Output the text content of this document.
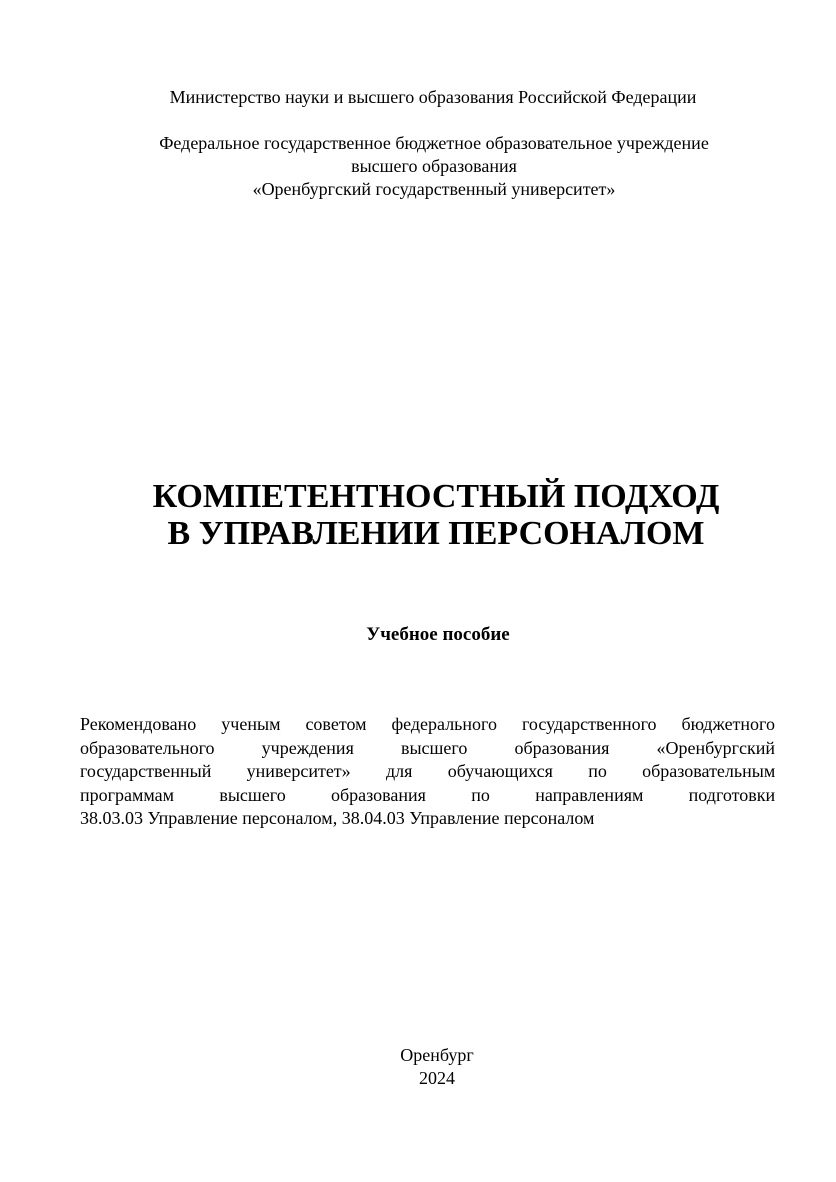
Министерство науки и высшего образования Российской Федерации
Федеральное государственное бюджетное образовательное учреждение
высшего образования
«Оренбургский государственный университет»
КОМПЕТЕНТНОСТНЫЙ ПОДХОД
В УПРАВЛЕНИИ ПЕРСОНАЛОМ
Учебное пособие
Рекомендовано ученым советом федерального государственного бюджетного
образовательного учреждения высшего образования «Оренбургский
государственный университет» для обучающихся по образовательным
программам высшего образования по направлениям подготовки
38.03.03 Управление персоналом, 38.04.03 Управление персоналом
Оренбург
2024
